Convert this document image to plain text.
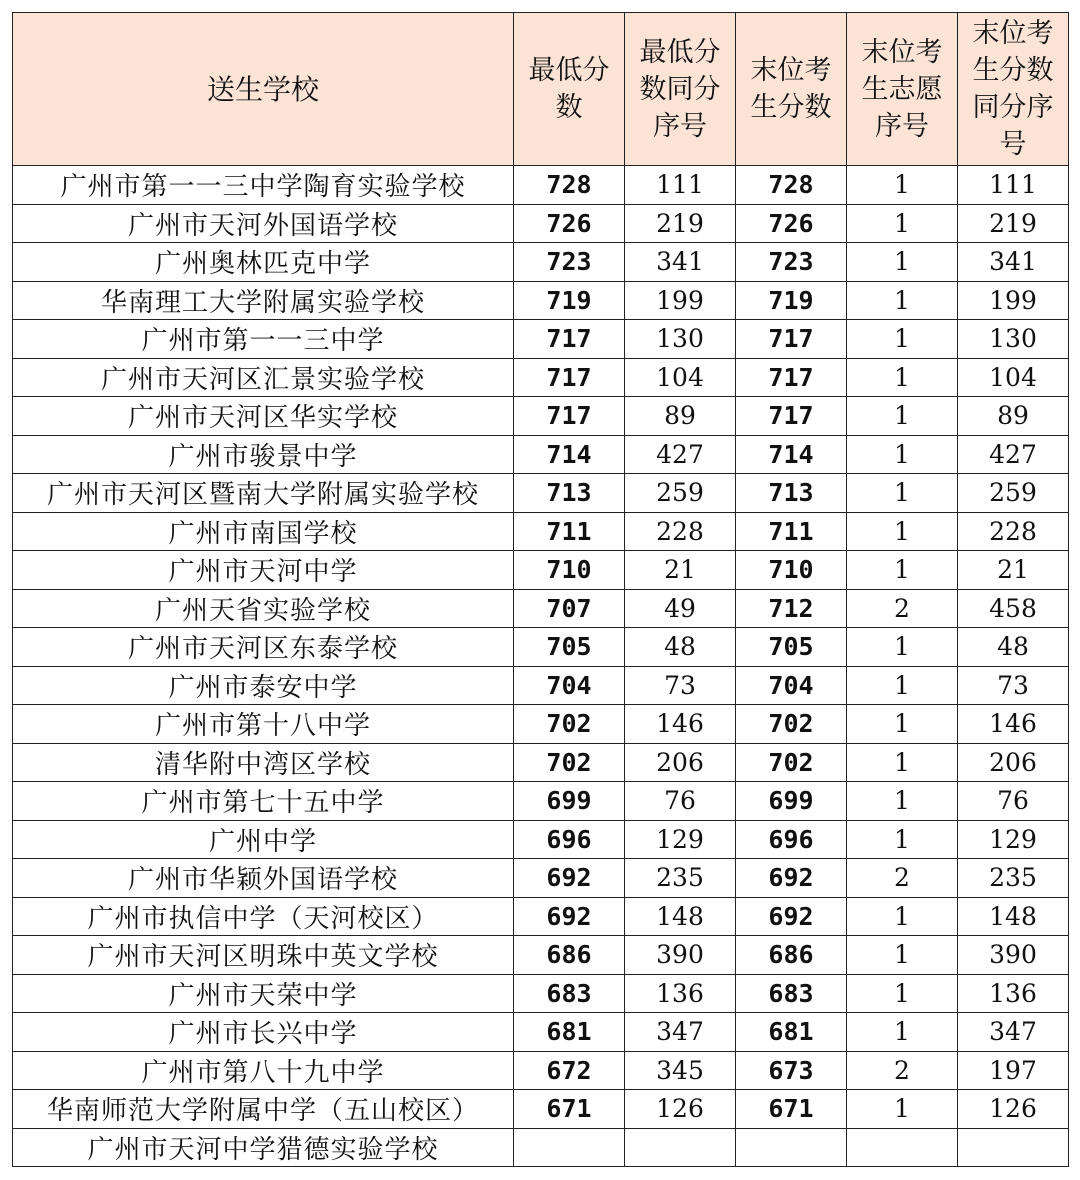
送生学校	最低分数	最低分数同分序号	末位考生分数	末位考生志愿序号	末位考生分数同分序号
广州市第一一三中学陶育实验学校	728	111	728	1	111
广州市天河外国语学校	726	219	726	1	219
广州奥林匹克中学	723	341	723	1	341
华南理工大学附属实验学校	719	199	719	1	199
广州市第一一三中学	717	130	717	1	130
广州市天河区汇景实验学校	717	104	717	1	104
广州市天河区华实学校	717	89	717	1	89
广州市骏景中学	714	427	714	1	427
广州市天河区暨南大学附属实验学校	713	259	713	1	259
广州市南国学校	711	228	711	1	228
广州市天河中学	710	21	710	1	21
广州天省实验学校	707	49	712	2	458
广州市天河区东泰学校	705	48	705	1	48
广州市泰安中学	704	73	704	1	73
广州市第十八中学	702	146	702	1	146
清华附中湾区学校	702	206	702	1	206
广州市第七十五中学	699	76	699	1	76
广州中学	696	129	696	1	129
广州市华颖外国语学校	692	235	692	2	235
广州市执信中学（天河校区）	692	148	692	1	148
广州市天河区明珠中英文学校	686	390	686	1	390
广州市天荣中学	683	136	683	1	136
广州市长兴中学	681	347	681	1	347
广州市第八十九中学	672	345	673	2	197
华南师范大学附属中学（五山校区）	671	126	671	1	126
广州市天河中学猎德实验学校					
